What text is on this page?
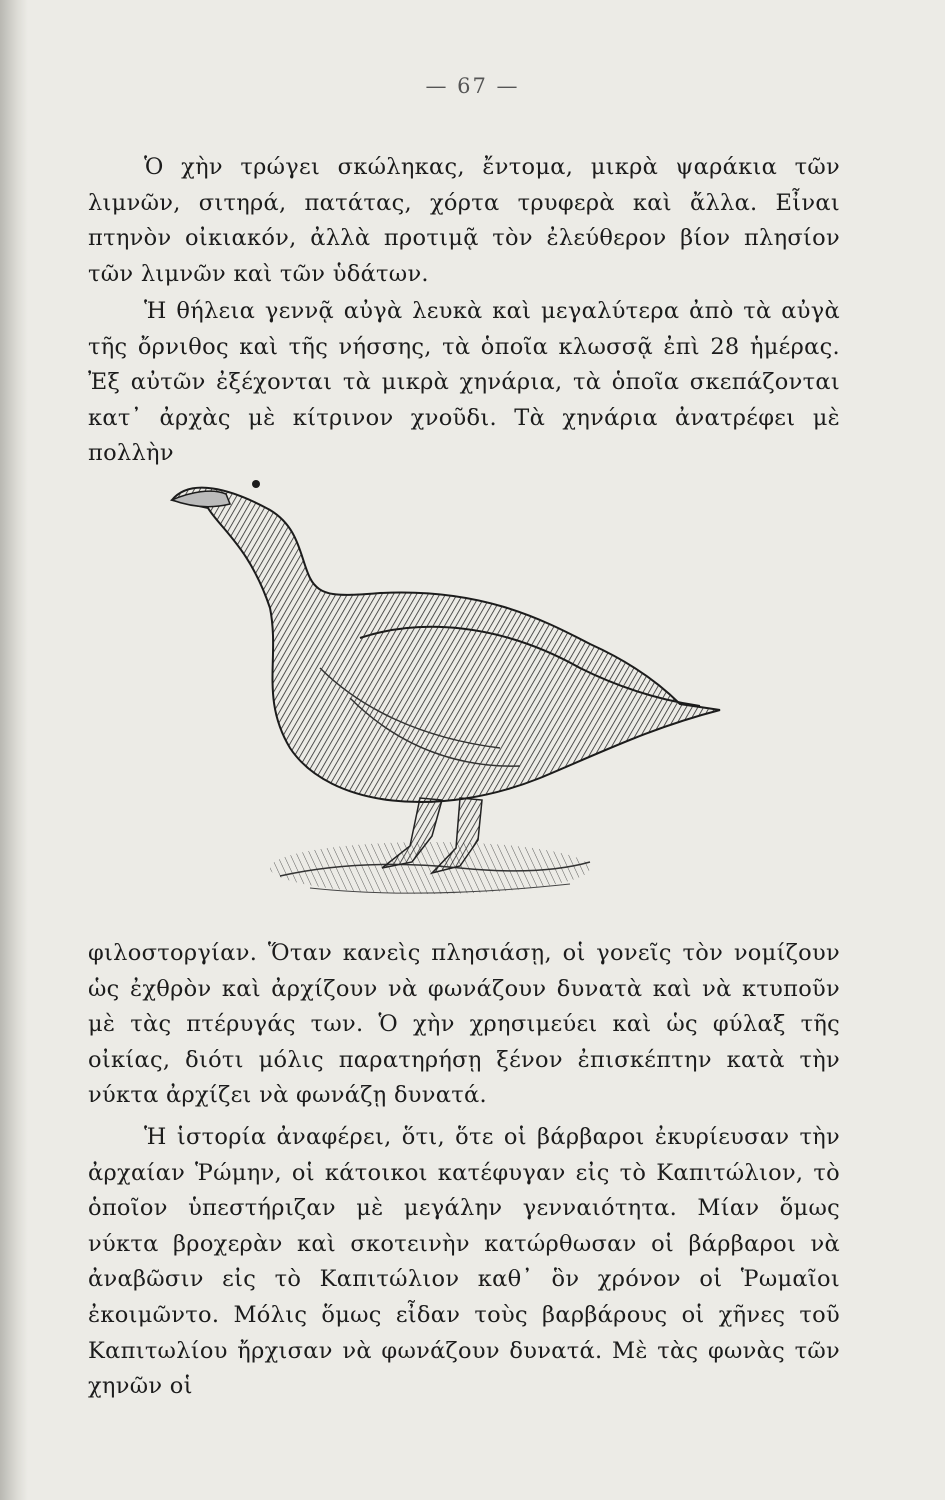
— 67 —

Ὁ χὴν τρώγει σκώληκας, ἔντομα, μικρὰ ψαράκια τῶν λιμνῶν, σιτηρά, πατάτας, χόρτα τρυφερὰ καὶ ἄλλα. Εἶναι πτηνὸν οἰκιακόν, ἀλλὰ προτιμᾷ τὸν ἐλεύθερον βίον πλησίον τῶν λιμνῶν καὶ τῶν ὑδάτων.

Ἡ θήλεια γεννᾷ αὐγὰ λευκὰ καὶ μεγαλύτερα ἀπὸ τὰ αὐγὰ τῆς ὄρνιθος καὶ τῆς νήσσης, τὰ ὁποῖα κλωσσᾷ ἐπὶ 28 ἡμέρας. Ἐξ αὐτῶν ἐξέχονται τὰ μικρὰ χηνάρια, τὰ ὁποῖα σκεπάζονται κατ᾽ ἀρχὰς μὲ κίτρινον χνοῦδι. Τὰ χηνάρια ἀνατρέφει μὲ πολλὴν

φιλοστοργίαν. Ὅταν κανεὶς πλησιάσῃ, οἱ γονεῖς τὸν νομίζουν ὡς ἐχθρὸν καὶ ἀρχίζουν νὰ φωνάζουν δυνατὰ καὶ νὰ κτυποῦν μὲ τὰς πτέρυγάς των. Ὁ χὴν χρησιμεύει καὶ ὡς φύλαξ τῆς οἰκίας, διότι μόλις παρατηρήσῃ ξένον ἐπισκέπτην κατὰ τὴν νύκτα ἀρχίζει νὰ φωνάζῃ δυνατά.

Ἡ ἱστορία ἀναφέρει, ὅτι, ὅτε οἱ βάρβαροι ἐκυρίευσαν τὴν ἀρχαίαν Ῥώμην, οἱ κάτοικοι κατέφυγαν εἰς τὸ Καπιτώλιον, τὸ ὁποῖον ὑπεστήριζαν μὲ μεγάλην γενναιότητα. Μίαν ὅμως νύκτα βροχερὰν καὶ σκοτεινὴν κατώρθωσαν οἱ βάρβαροι νὰ ἀναβῶσιν εἰς τὸ Καπιτώλιον καθ᾽ ὃν χρόνον οἱ Ῥωμαῖοι ἐκοιμῶντο. Μόλις ὅμως εἶδαν τοὺς βαρβάρους οἱ χῆνες τοῦ Καπιτωλίου ἤρχισαν νὰ φωνάζουν δυνατά. Μὲ τὰς φωνὰς τῶν χηνῶν οἱ
